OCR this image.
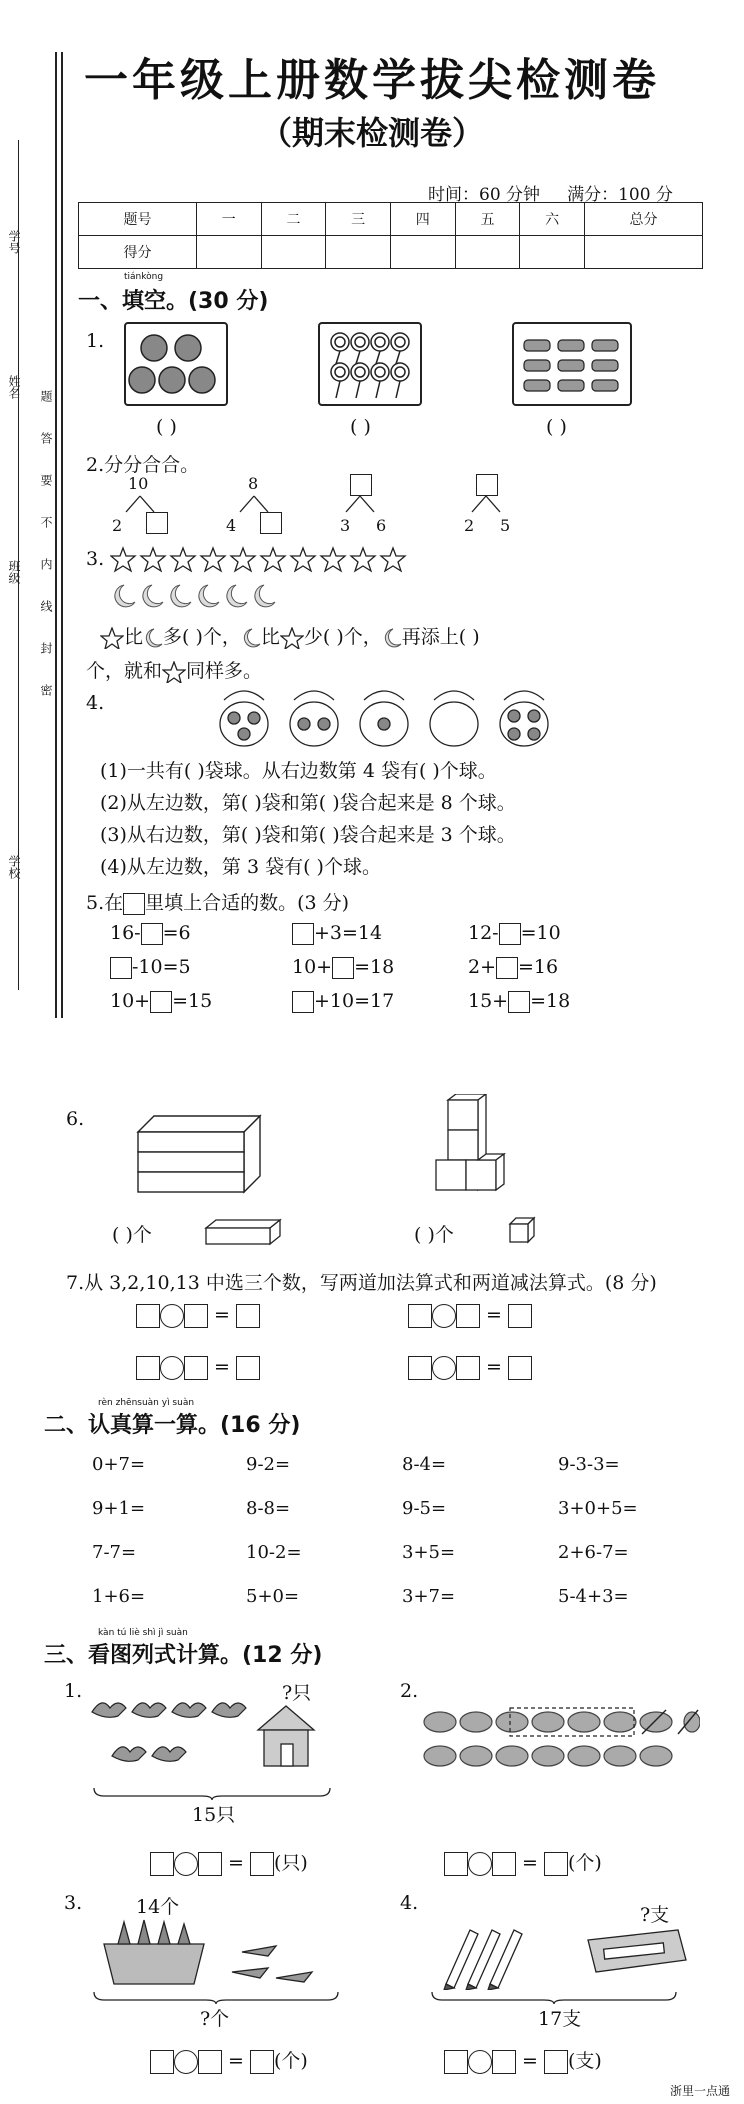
学号
姓名
班级
学校
题
答
要
不
内
线
封
密
一年级上册数学拔尖检测卷
（期末检测卷）
时间：60 分钟 满分：100 分
题号	一	二	三	四	五	六	总分
得分							
tiánkòng
一、填空。(30 分)
1.
( )	( )	( )
2.分分合合。
10
2
8
4	3 6	2 5
3.
比 多( )个， 比 少( )个， 再添上( )
个，就和 同样多。
4.
(1)一共有( )袋球。从右边数第 4 袋有( )个球。
(2)从左边数，第( )袋和第( )袋合起来是 8 个球。
(3)从右边数，第( )袋和第( )袋合起来是 3 个球。
(4)从左边数，第 3 袋有( )个球。
5.在 里填上合适的数。(3 分)
16- =6	+3=14	12- =10
-10=5	10+ =18	2+ =16
10+ =15	+10=17	15+ =18
6.
( )个	( )个
7.从 3,2,10,13 中选三个数，写两道加法算式和两道减法算式。(8 分)
=	=
=	=
rèn zhēnsuàn yì suàn
二、认真算一算。(16 分)
0+7=	9-2=	8-4=	9-3-3=
9+1=	8-8=	9-5=	3+0+5=
7-7=	10-2=	3+5=	2+6-7=
1+6=	5+0=	3+7=	5-4+3=
kàn tú liè shì jì suàn
三、看图列式计算。(12 分)
1.	?只
15只
= (只)
2.
= (个)
3.	14个
?个
= (个)
4.
?支
17支
= (支)
浙里一点通
